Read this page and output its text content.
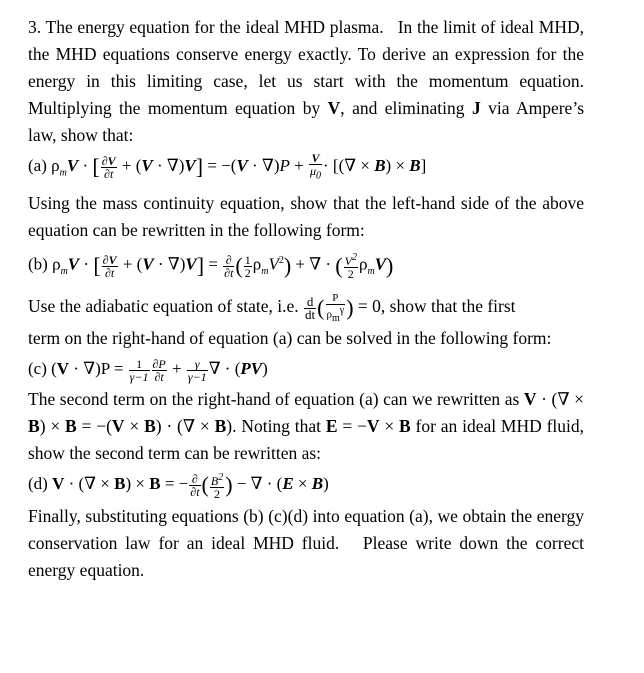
3. The energy equation for the ideal MHD plasma.   In the limit of ideal MHD, the MHD equations conserve energy exactly. To derive an expression for the energy in this limiting case, let us start with the momentum equation. Multiplying the momentum equation by V, and eliminating J via Ampere’s law, show that:

(a) $\rho_mV$ · [ $\frac{\partial V}{\partial t} + (V \cdot \nabla)V] = -(V \cdot \nabla)P + \frac{V}{\mu_0}$ · [(∇ × B) × B]

Using the mass continuity equation, show that the left-hand side of the above equation can be rewritten in the following form:

(b) $\rho_mV$ · [ $\frac{\partial V}{\partial t} + (V \cdot \nabla)V] = \frac{\partial}{\partial t}$ ( $\frac{1}{2} \rho_mV^2$) + ∇ · ( $\frac{V^2}{2} \rho_mV$)

Use the adiabatic equation of state, i.e. $\frac{d}{dt}$ ( $\frac{P}{\rho_m^\gamma}$ ) = 0, show that the first
term on the right-hand of equation (a) can be solved in the following form:

(c) $(V \cdot \nabla)P = \frac{1}{\gamma-1} \frac{\partial P}{\partial t} + \frac{\gamma}{\gamma-1}$ ∇ · (PV)

The second term on the right-hand of equation (a) can we rewritten as V · (∇ × B) × B = −(V × B) · (∇ × B). Noting that E = −V × B for an ideal MHD fluid, show the second term can be rewritten as:

(d) V · (∇ × B) × B = − $\frac{\partial}{\partial t}$ ( $\frac{B^2}{2}$ ) − ∇ · (E × B)

Finally, substituting equations (b) (c)(d) into equation (a), we obtain the energy conservation law for an ideal MHD fluid.   Please write down the correct energy equation.
